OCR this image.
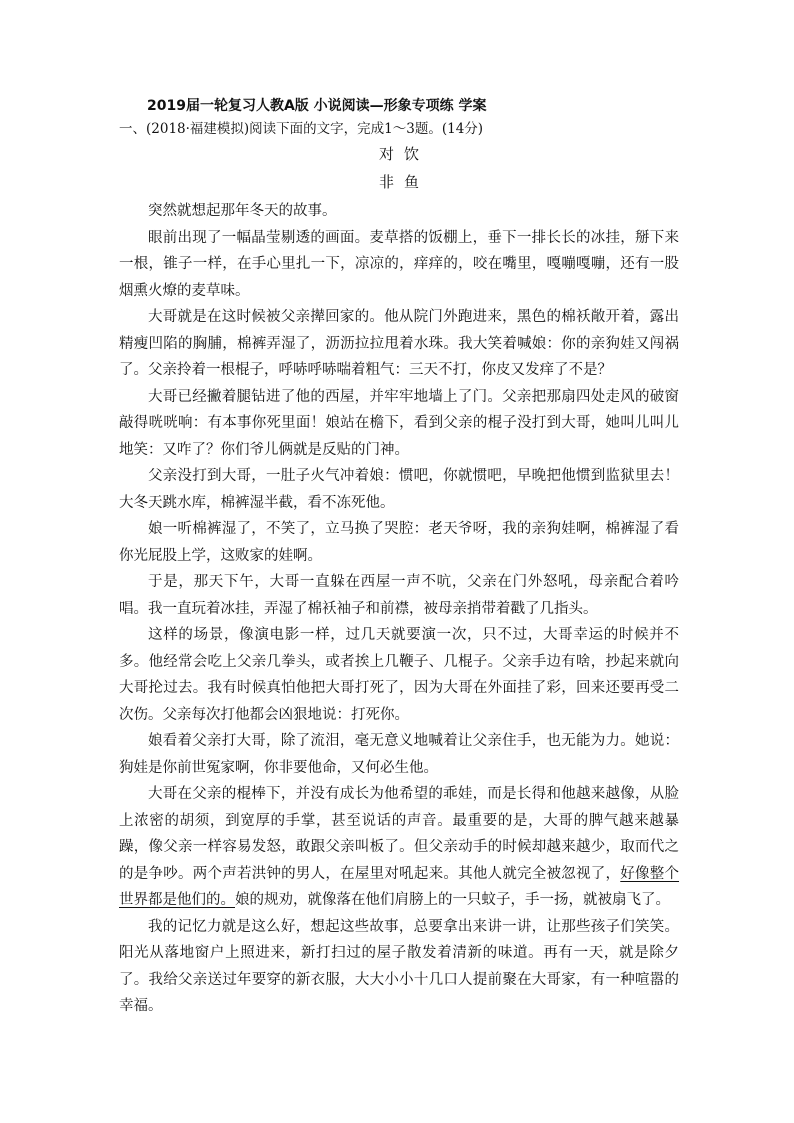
2019届一轮复习人教A版 小说阅读—形象专项练 学案
一、(2018·福建模拟)阅读下面的文字，完成1～3题。(14分)
对饮
非鱼

突然就想起那年冬天的故事。

眼前出现了一幅晶莹剔透的画面。麦草搭的饭棚上，垂下一排长长的冰挂，掰下来一根，锥子一样，在手心里扎一下，凉凉的，痒痒的，咬在嘴里，嘎嘣嘎嘣，还有一股烟熏火燎的麦草味。

大哥就是在这时候被父亲撵回家的。他从院门外跑进来，黑色的棉袄敞开着，露出精瘦凹陷的胸脯，棉裤弄湿了，沥沥拉拉甩着水珠。我大笑着喊娘：你的亲狗娃又闯祸了。父亲拎着一根棍子，呼哧呼哧喘着粗气：三天不打，你皮又发痒了不是？

大哥已经撇着腿钻进了他的西屋，并牢牢地墙上了门。父亲把那扇四处走风的破窗敲得咣咣响：有本事你死里面！娘站在檐下，看到父亲的棍子没打到大哥，她叫儿叫儿地笑：又咋了？你们爷儿俩就是反贴的门神。

父亲没打到大哥，一肚子火气冲着娘：惯吧，你就惯吧，早晚把他惯到监狱里去！大冬天跳水库，棉裤湿半截，看不冻死他。

娘一听棉裤湿了，不笑了，立马换了哭腔：老天爷呀，我的亲狗娃啊，棉裤湿了看你光屁股上学，这败家的娃啊。

于是，那天下午，大哥一直躲在西屋一声不吭，父亲在门外怒吼，母亲配合着吟唱。我一直玩着冰挂，弄湿了棉袄袖子和前襟，被母亲捎带着戳了几指头。

这样的场景，像演电影一样，过几天就要演一次，只不过，大哥幸运的时候并不多。他经常会吃上父亲几拳头，或者挨上几鞭子、几棍子。父亲手边有啥，抄起来就向大哥抡过去。我有时候真怕他把大哥打死了，因为大哥在外面挂了彩，回来还要再受二次伤。父亲每次打他都会凶狠地说：打死你。

娘看着父亲打大哥，除了流泪，毫无意义地喊着让父亲住手，也无能为力。她说：狗娃是你前世冤家啊，你非要他命，又何必生他。

大哥在父亲的棍棒下，并没有成长为他希望的乖娃，而是长得和他越来越像，从脸上浓密的胡须，到宽厚的手掌，甚至说话的声音。最重要的是，大哥的脾气越来越暴躁，像父亲一样容易发怒，敢跟父亲叫板了。但父亲动手的时候却越来越少，取而代之的是争吵。两个声若洪钟的男人，在屋里对吼起来。其他人就完全被忽视了，好像整个世界都是他们的。娘的规劝，就像落在他们肩膀上的一只蚊子，手一扬，就被扇飞了。

我的记忆力就是这么好，想起这些故事，总要拿出来讲一讲，让那些孩子们笑笑。阳光从落地窗户上照进来，新打扫过的屋子散发着清新的味道。再有一天，就是除夕了。我给父亲送过年要穿的新衣服，大大小小十几口人提前聚在大哥家，有一种喧嚣的幸福。
